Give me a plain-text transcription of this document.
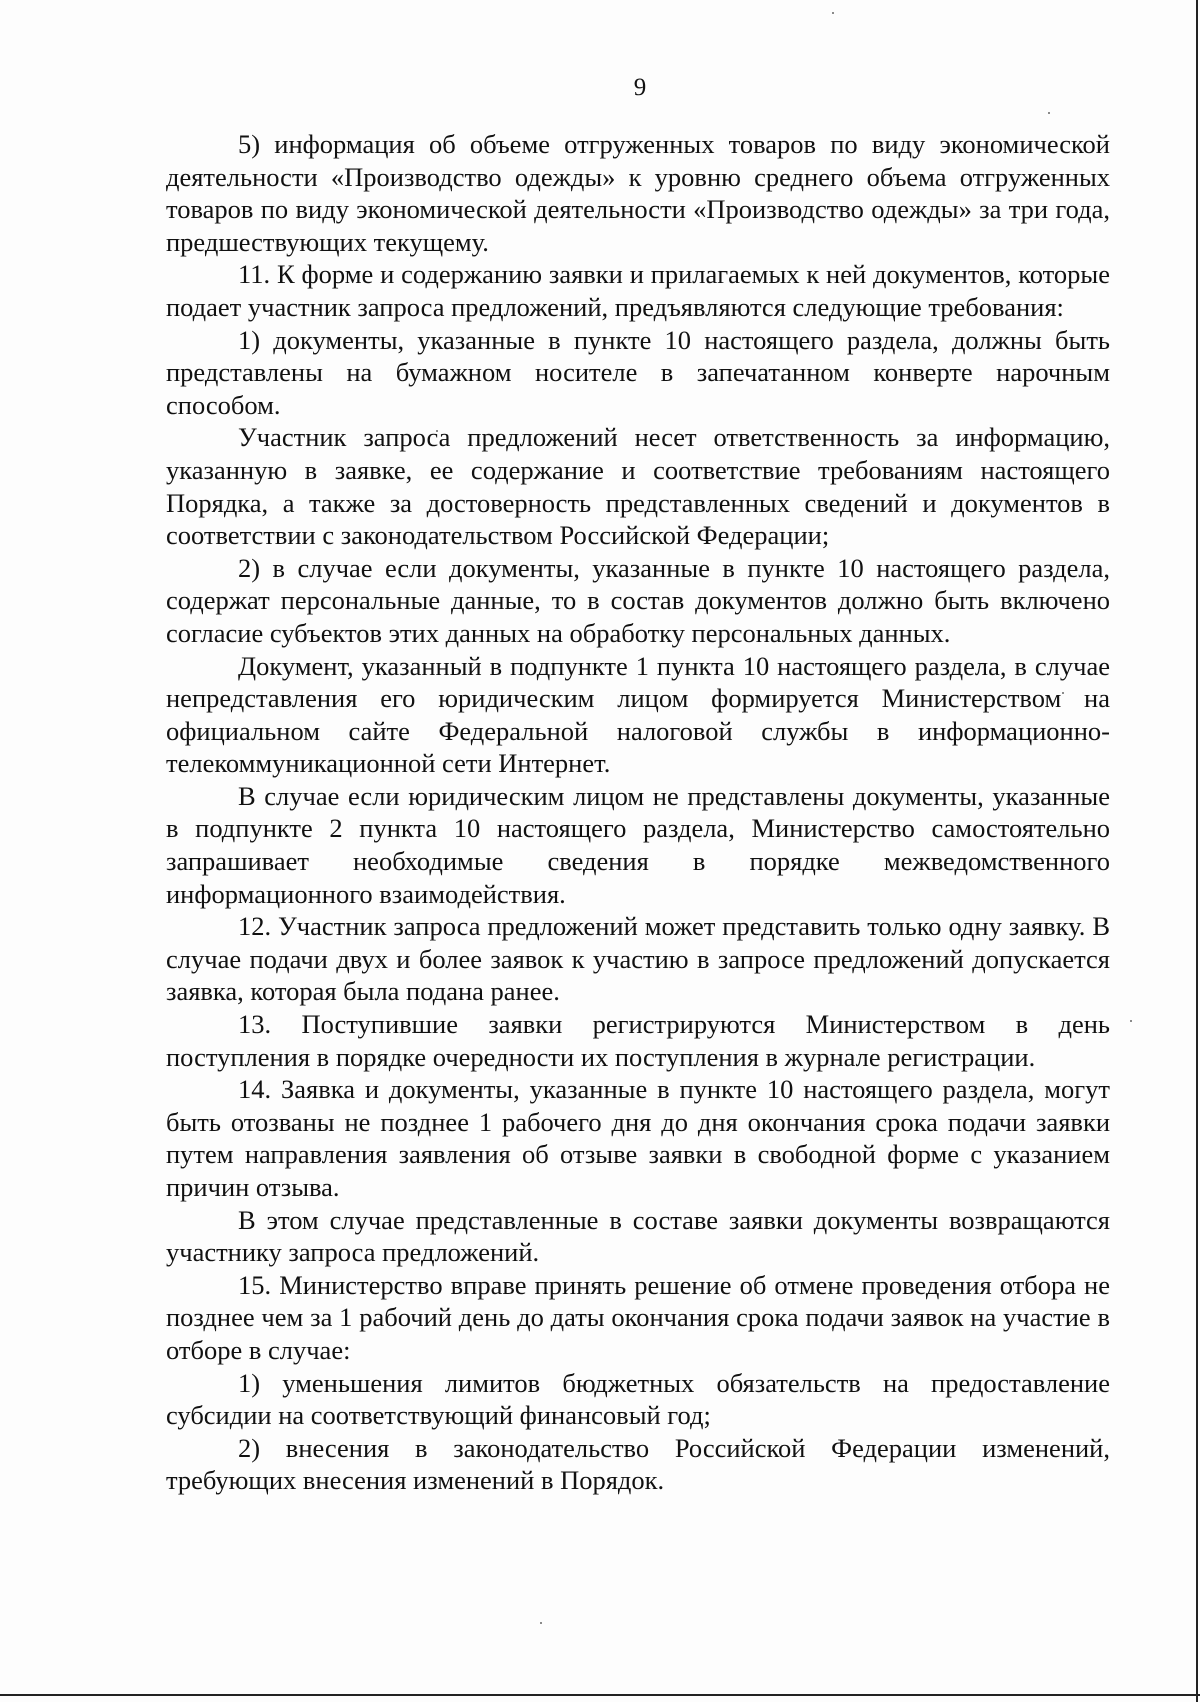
9

5) информация об объеме отгруженных товаров по виду экономической деятельности «Производство одежды» к уровню среднего объема отгруженных товаров по виду экономической деятельности «Производство одежды» за три года, предшествующих текущему.

11. К форме и содержанию заявки и прилагаемых к ней документов, которые подает участник запроса предложений, предъявляются следующие требования:

1) документы, указанные в пункте 10 настоящего раздела, должны быть представлены на бумажном носителе в запечатанном конверте нарочным способом.

Участник запроса предложений несет ответственность за информацию, указанную в заявке, ее содержание и соответствие требованиям настоящего Порядка, а также за достоверность представленных сведений и документов в соответствии с законодательством Российской Федерации;

2) в случае если документы, указанные в пункте 10 настоящего раздела, содержат персональные данные, то в состав документов должно быть включено согласие субъектов этих данных на обработку персональных данных.

Документ, указанный в подпункте 1 пункта 10 настоящего раздела, в случае непредставления его юридическим лицом формируется Министерством на официальном сайте Федеральной налоговой службы в информационно-телекоммуникационной сети Интернет.

В случае если юридическим лицом не представлены документы, указанные в подпункте 2 пункта 10 настоящего раздела, Министерство самостоятельно запрашивает необходимые сведения в порядке межведомственного информационного взаимодействия.

12. Участник запроса предложений может представить только одну заявку. В случае подачи двух и более заявок к участию в запросе предложений допускается заявка, которая была подана ранее.

13. Поступившие заявки регистрируются Министерством в день поступления в порядке очередности их поступления в журнале регистрации.

14. Заявка и документы, указанные в пункте 10 настоящего раздела, могут быть отозваны не позднее 1 рабочего дня до дня окончания срока подачи заявки путем направления заявления об отзыве заявки в свободной форме с указанием причин отзыва.

В этом случае представленные в составе заявки документы возвращаются участнику запроса предложений.

15. Министерство вправе принять решение об отмене проведения отбора не позднее чем за 1 рабочий день до даты окончания срока подачи заявок на участие в отборе в случае:

1) уменьшения лимитов бюджетных обязательств на предоставление субсидии на соответствующий финансовый год;

2) внесения в законодательство Российской Федерации изменений, требующих внесения изменений в Порядок.
